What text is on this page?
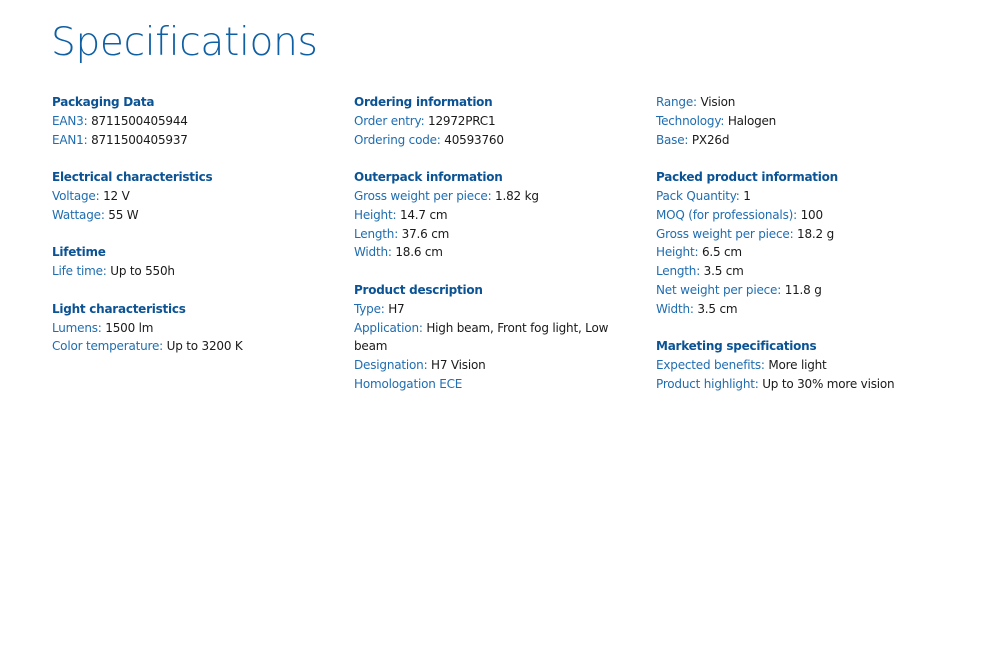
Specifications

Packaging Data

EAN3: 8711500405944

EAN1: 8711500405937

Electrical characteristics

Voltage: 12 V

Wattage: 55 W

Lifetime

Life time: Up to 550h

Light characteristics

Lumens: 1500 lm

Color temperature: Up to 3200 K

Ordering information

Order entry: 12972PRC1

Ordering code: 40593760

Outerpack information

Gross weight per piece: 1.82 kg

Height: 14.7 cm

Length: 37.6 cm

Width: 18.6 cm

Product description

Type: H7

Application: High beam, Front fog light, Low beam

Designation: H7 Vision

Homologation ECE

Range: Vision

Technology: Halogen

Base: PX26d

Packed product information

Pack Quantity: 1

MOQ (for professionals): 100

Gross weight per piece: 18.2 g

Height: 6.5 cm

Length: 3.5 cm

Net weight per piece: 11.8 g

Width: 3.5 cm

Marketing specifications

Expected benefits: More light

Product highlight: Up to 30% more vision
